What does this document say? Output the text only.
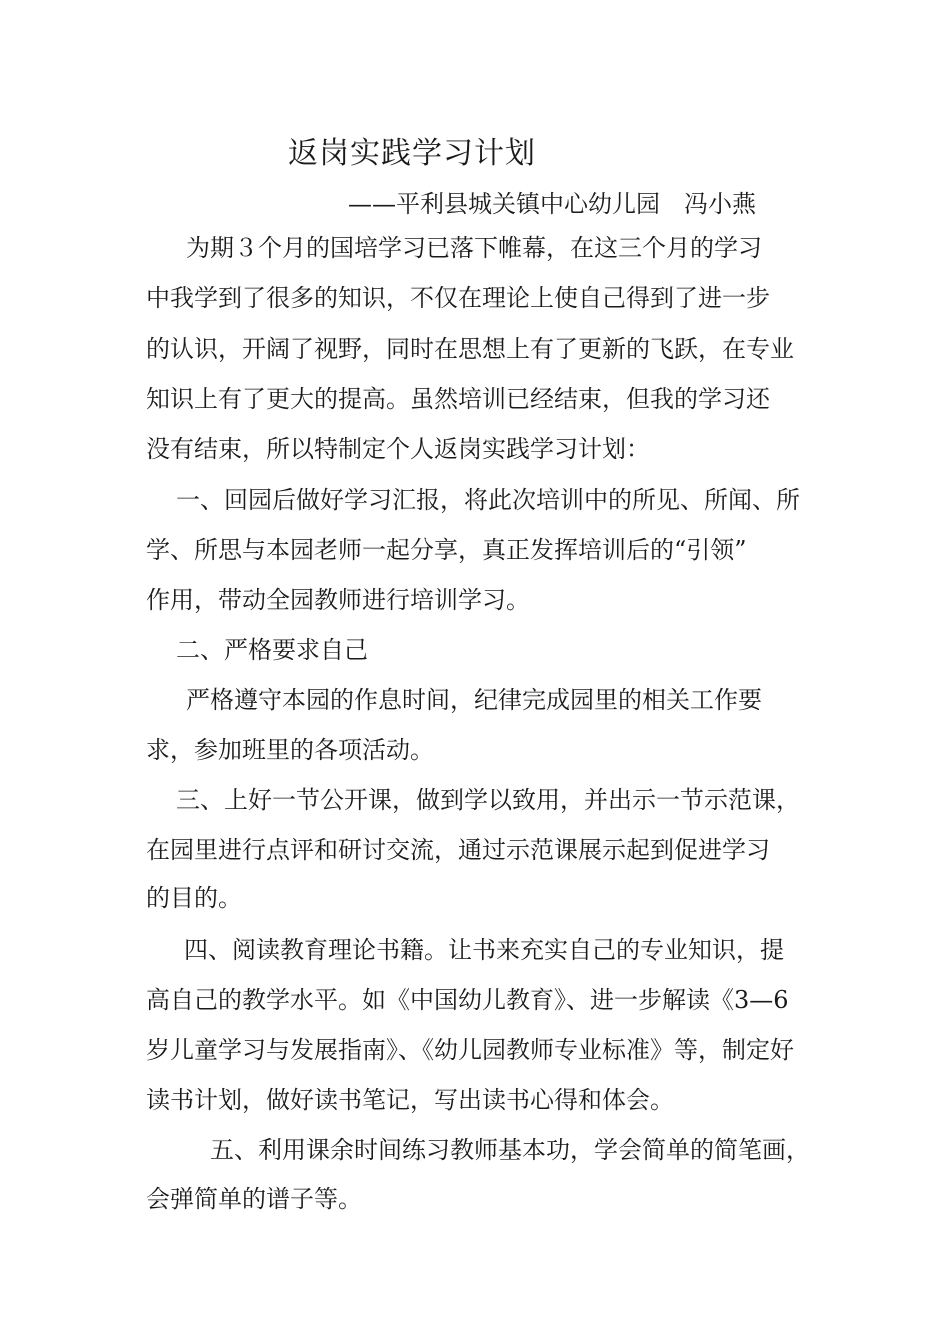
返岗实践学习计划
——平利县城关镇中心幼儿园　冯小燕
为期３个月的国培学习已落下帷幕，在这三个月的学习
中我学到了很多的知识，不仅在理论上使自己得到了进一步
的认识，开阔了视野，同时在思想上有了更新的飞跃，在专业
知识上有了更大的提高。虽然培训已经结束，但我的学习还
没有结束，所以特制定个人返岗实践学习计划：
一、回园后做好学习汇报，将此次培训中的所见、所闻、所
学、所思与本园老师一起分享，真正发挥培训后的“引领”
作用，带动全园教师进行培训学习。
二、严格要求自己
严格遵守本园的作息时间，纪律完成园里的相关工作要
求，参加班里的各项活动。
三、上好一节公开课，做到学以致用，并出示一节示范课，
在园里进行点评和研讨交流，通过示范课展示起到促进学习
的目的。
四、阅读教育理论书籍。让书来充实自己的专业知识，提
高自己的教学水平。如《中国幼儿教育》、进一步解读《3—6
岁儿童学习与发展指南》、《幼儿园教师专业标准》等，制定好
读书计划，做好读书笔记，写出读书心得和体会。
五、利用课余时间练习教师基本功，学会简单的简笔画，
会弹简单的谱子等。
